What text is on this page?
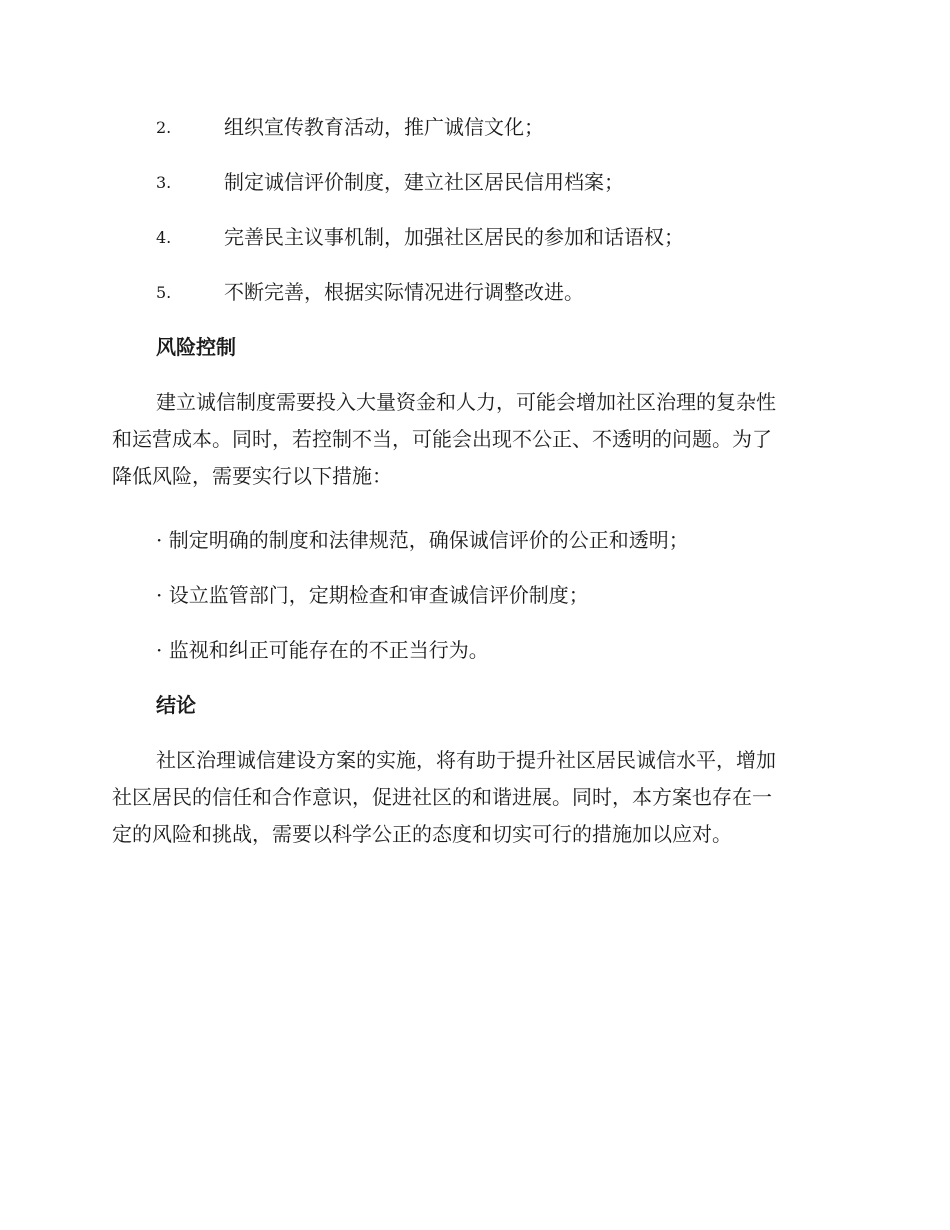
2.	组织宣传教育活动，推广诚信文化；
3.	制定诚信评价制度，建立社区居民信用档案；
4.	完善民主议事机制，加强社区居民的参加和话语权；
5.	不断完善，根据实际情况进行调整改进。
风险控制
建立诚信制度需要投入大量资金和人力，可能会增加社区治理的复杂性
和运营成本。同时，若控制不当，可能会出现不公正、不透明的问题。为了
降低风险，需要实行以下措施：
· 制定明确的制度和法律规范，确保诚信评价的公正和透明；
· 设立监管部门，定期检查和审查诚信评价制度；
· 监视和纠正可能存在的不正当行为。
结论
社区治理诚信建设方案的实施，将有助于提升社区居民诚信水平，增加
社区居民的信任和合作意识，促进社区的和谐进展。同时，本方案也存在一
定的风险和挑战，需要以科学公正的态度和切实可行的措施加以应对。
